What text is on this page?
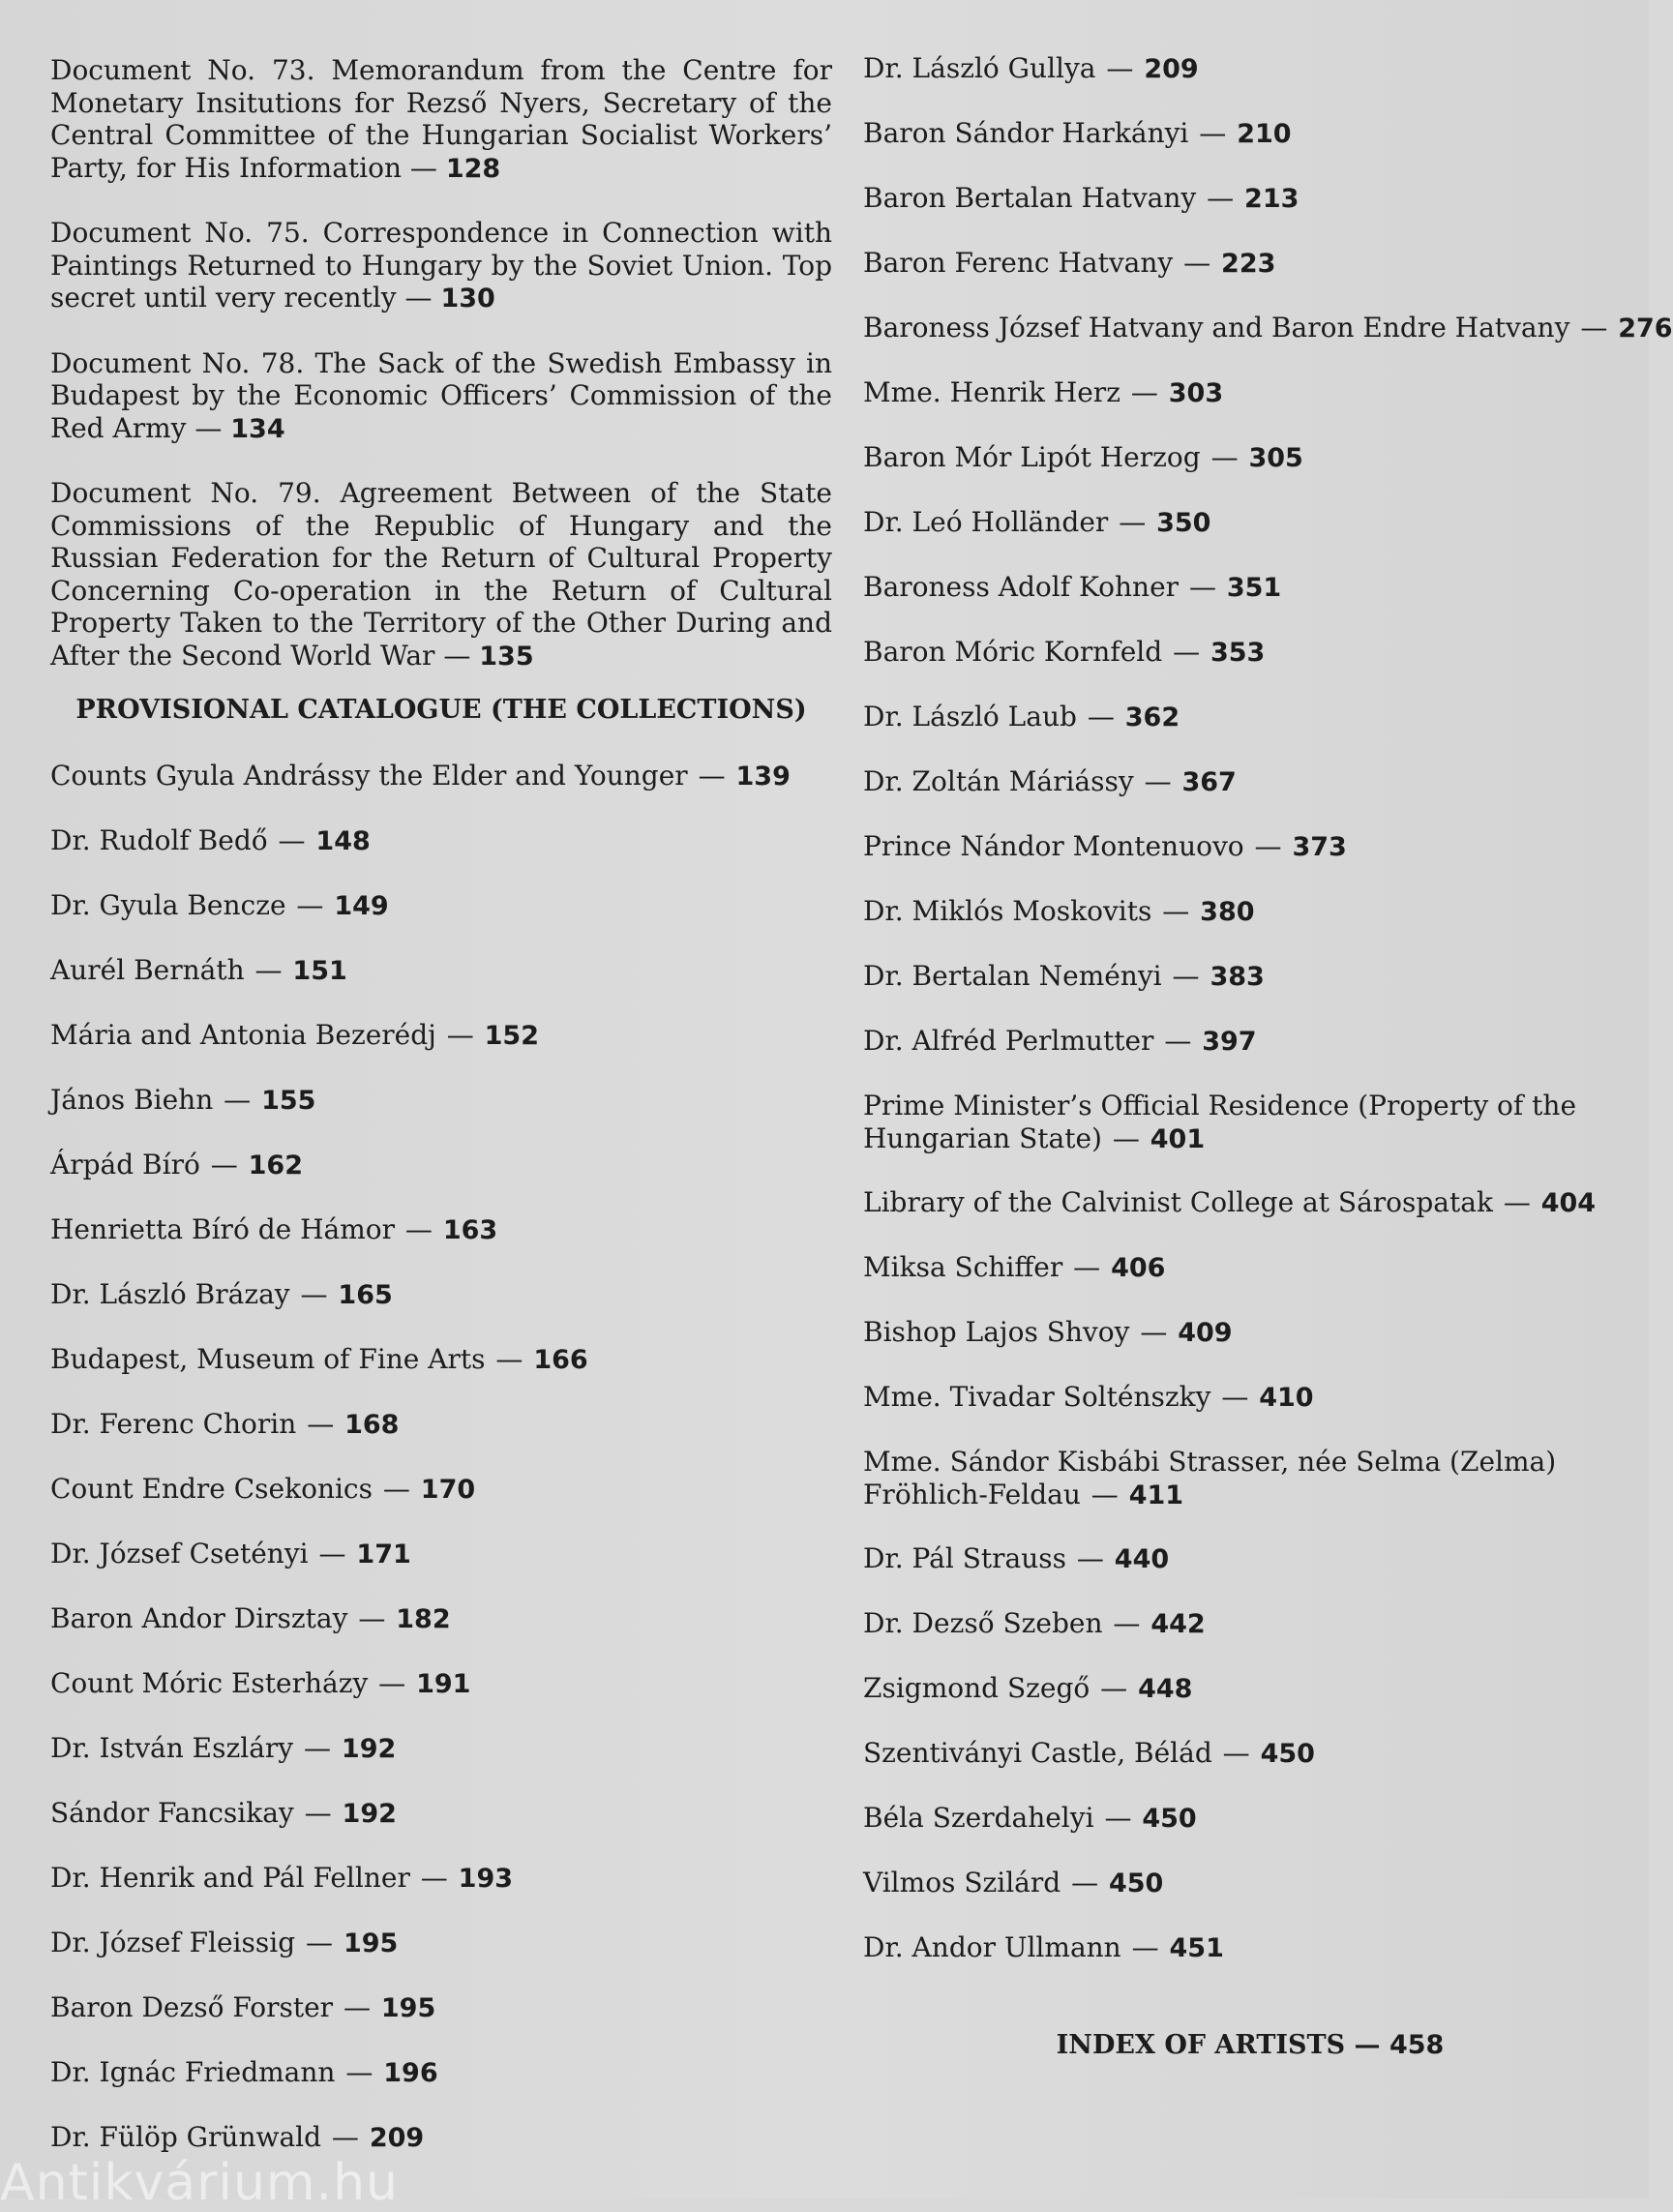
Document No. 73. Memorandum from the Centre for Monetary Insitutions for Rezső Nyers, Secretary of the Central Committee of the Hungarian Socialist Workers’ Party, for His Information — 128

Document No. 75. Correspondence in Connection with Paintings Returned to Hungary by the Soviet Union. Top secret until very recently — 130

Document No. 78. The Sack of the Swedish Embassy in Budapest by the Economic Officers’ Commission of the Red Army — 134

Document No. 79. Agreement Between of the State Commissions of the Republic of Hungary and the Russian Federation for the Return of Cultural Property Concerning Co-operation in the Return of Cultural Property Taken to the Territory of the Other During and After the Second World War — 135

PROVISIONAL CATALOGUE (THE COLLECTIONS)

Counts Gyula Andrássy the Elder and Younger — 139

Dr. Rudolf Bedő — 148

Dr. Gyula Bencze — 149

Aurél Bernáth — 151

Mária and Antonia Bezerédj — 152

János Biehn — 155

Árpád Bíró — 162

Henrietta Bíró de Hámor — 163

Dr. László Brázay — 165

Budapest, Museum of Fine Arts — 166

Dr. Ferenc Chorin — 168

Count Endre Csekonics — 170

Dr. József Csetényi — 171

Baron Andor Dirsztay — 182

Count Móric Esterházy — 191

Dr. István Eszláry — 192

Sándor Fancsikay — 192

Dr. Henrik and Pál Fellner — 193

Dr. József Fleissig — 195

Baron Dezső Forster — 195

Dr. Ignác Friedmann — 196

Dr. Fülöp Grünwald — 209

Dr. László Gullya — 209

Baron Sándor Harkányi — 210

Baron Bertalan Hatvany — 213

Baron Ferenc Hatvany — 223

Baroness József Hatvany and Baron Endre Hatvany — 276

Mme. Henrik Herz — 303

Baron Mór Lipót Herzog — 305

Dr. Leó Holländer — 350

Baroness Adolf Kohner — 351

Baron Móric Kornfeld — 353

Dr. László Laub — 362

Dr. Zoltán Máriássy — 367

Prince Nándor Montenuovo — 373

Dr. Miklós Moskovits — 380

Dr. Bertalan Neményi — 383

Dr. Alfréd Perlmutter — 397

Prime Minister’s Official Residence (Property of the Hungarian State) — 401

Library of the Calvinist College at Sárospatak — 404

Miksa Schiffer — 406

Bishop Lajos Shvoy — 409

Mme. Tivadar Solténszky — 410

Mme. Sándor Kisbábi Strasser, née Selma (Zelma) Fröhlich-Feldau — 411

Dr. Pál Strauss — 440

Dr. Dezső Szeben — 442

Zsigmond Szegő — 448

Szentiványi Castle, Bélád — 450

Béla Szerdahelyi — 450

Vilmos Szilárd — 450

Dr. Andor Ullmann — 451

INDEX OF ARTISTS — 458
Antikvárium.hu
